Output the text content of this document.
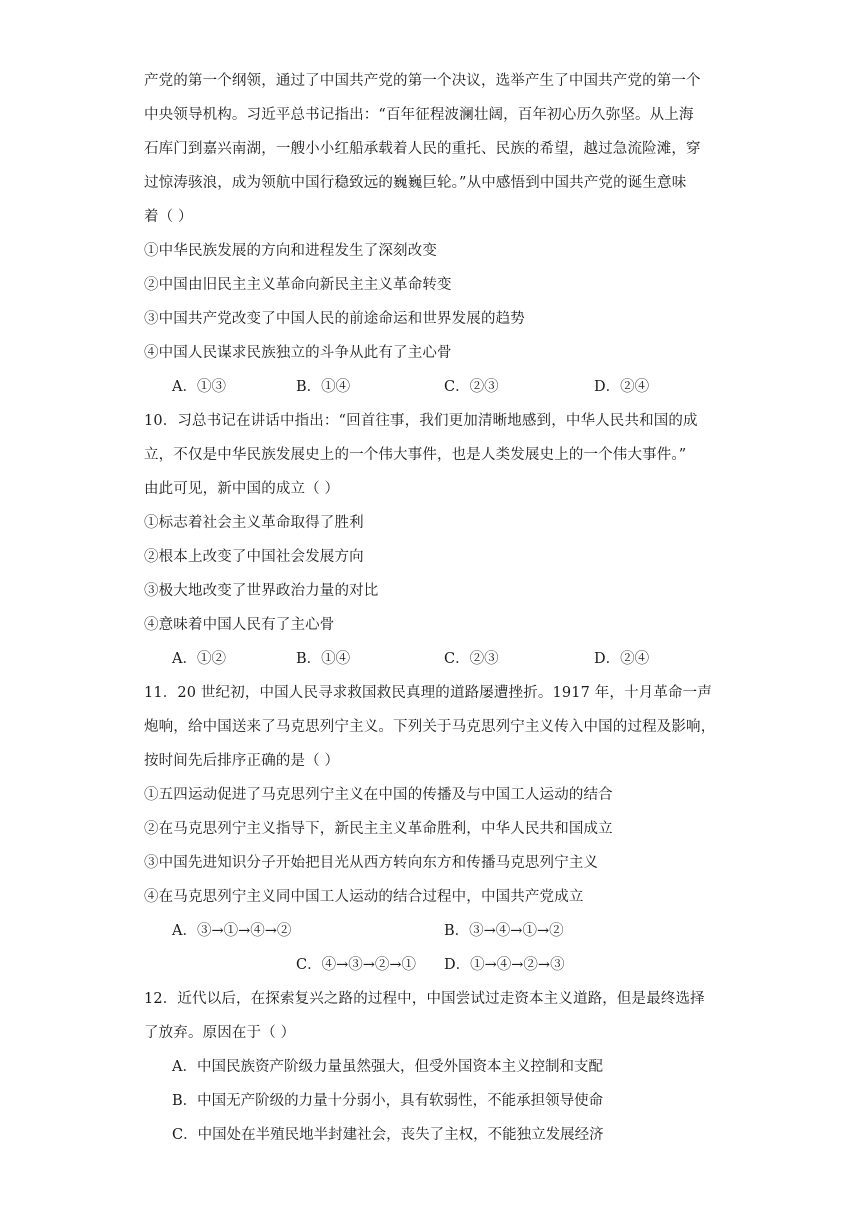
产党的第一个纲领，通过了中国共产党的第一个决议，选举产生了中国共产党的第一个
中央领导机构。习近平总书记指出：“百年征程波澜壮阔，百年初心历久弥坚。从上海
石库门到嘉兴南湖，一艘小小红船承载着人民的重托、民族的希望，越过急流险滩，穿
过惊涛骇浪，成为领航中国行稳致远的巍巍巨轮。”从中感悟到中国共产党的诞生意味
着（ ）
①中华民族发展的方向和进程发生了深刻改变
②中国由旧民主主义革命向新民主主义革命转变
③中国共产党改变了中国人民的前途命运和世界发展的趋势
④中国人民谋求民族独立的斗争从此有了主心骨
A．①③	B．①④	C．②③	D．②④
10．习总书记在讲话中指出：“回首往事，我们更加清晰地感到，中华人民共和国的成
立，不仅是中华民族发展史上的一个伟大事件，也是人类发展史上的一个伟大事件。”
由此可见，新中国的成立（ ）
①标志着社会主义革命取得了胜利
②根本上改变了中国社会发展方向
③极大地改变了世界政治力量的对比
④意味着中国人民有了主心骨
A．①②	B．①④	C．②③	D．②④
11．20 世纪初，中国人民寻求救国救民真理的道路屡遭挫折。1917 年，十月革命一声
炮响，给中国送来了马克思列宁主义。下列关于马克思列宁主义传入中国的过程及影响，
按时间先后排序正确的是（ ）
①五四运动促进了马克思列宁主义在中国的传播及与中国工人运动的结合
②在马克思列宁主义指导下，新民主主义革命胜利，中华人民共和国成立
③中国先进知识分子开始把目光从西方转向东方和传播马克思列宁主义
④在马克思列宁主义同中国工人运动的结合过程中，中国共产党成立
A．③→①→④→②	B．③→④→①→②
C．④→③→②→① D．①→④→②→③
12．近代以后，在探索复兴之路的过程中，中国尝试过走资本主义道路，但是最终选择
了放弃。原因在于（ ）
A．中国民族资产阶级力量虽然强大，但受外国资本主义控制和支配
B．中国无产阶级的力量十分弱小，具有软弱性，不能承担领导使命
C．中国处在半殖民地半封建社会，丧失了主权，不能独立发展经济
